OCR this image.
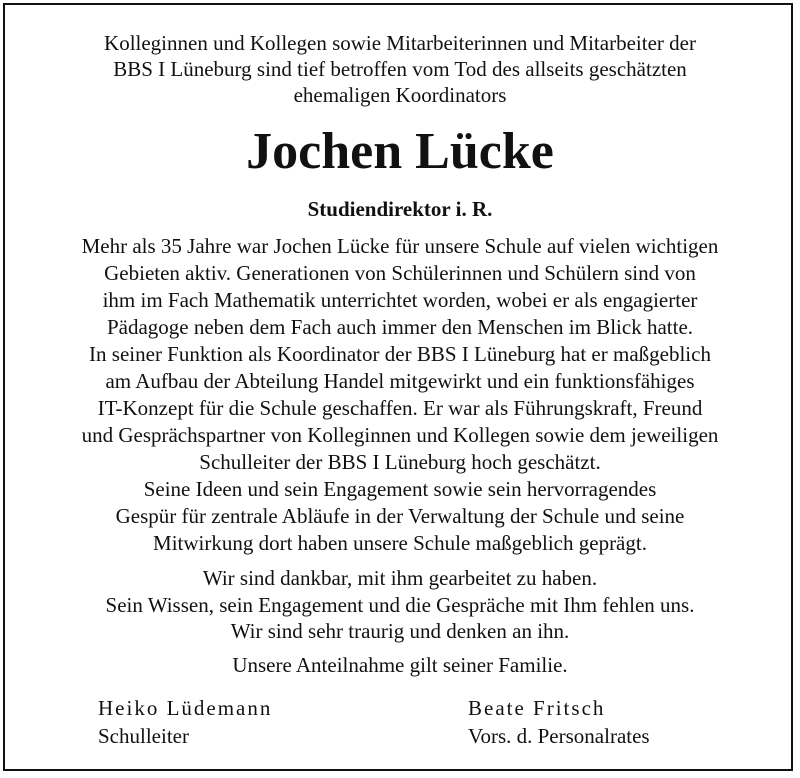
Kolleginnen und Kollegen sowie Mitarbeiterinnen und Mitarbeiter der
BBS I Lüneburg sind tief betroffen vom Tod des allseits geschätzten
ehemaligen Koordinators
Jochen Lücke
Studiendirektor i. R.
Mehr als 35 Jahre war Jochen Lücke für unsere Schule auf vielen wichtigen
Gebieten aktiv. Generationen von Schülerinnen und Schülern sind von
ihm im Fach Mathematik unterrichtet worden, wobei er als engagierter
Pädagoge neben dem Fach auch immer den Menschen im Blick hatte.
In seiner Funktion als Koordinator der BBS I Lüneburg hat er maßgeblich
am Aufbau der Abteilung Handel mitgewirkt und ein funktionsfähiges
IT-Konzept für die Schule geschaffen. Er war als Führungskraft, Freund
und Gesprächspartner von Kolleginnen und Kollegen sowie dem jeweiligen
Schulleiter der BBS I Lüneburg hoch geschätzt.
Seine Ideen und sein Engagement sowie sein hervorragendes
Gespür für zentrale Abläufe in der Verwaltung der Schule und seine
Mitwirkung dort haben unsere Schule maßgeblich geprägt.
Wir sind dankbar, mit ihm gearbeitet zu haben.
Sein Wissen, sein Engagement und die Gespräche mit Ihm fehlen uns.
Wir sind sehr traurig und denken an ihn.
Unsere Anteilnahme gilt seiner Familie.
Heiko Lüdemann
Schulleiter
Beate Fritsch
Vors. d. Personalrates
